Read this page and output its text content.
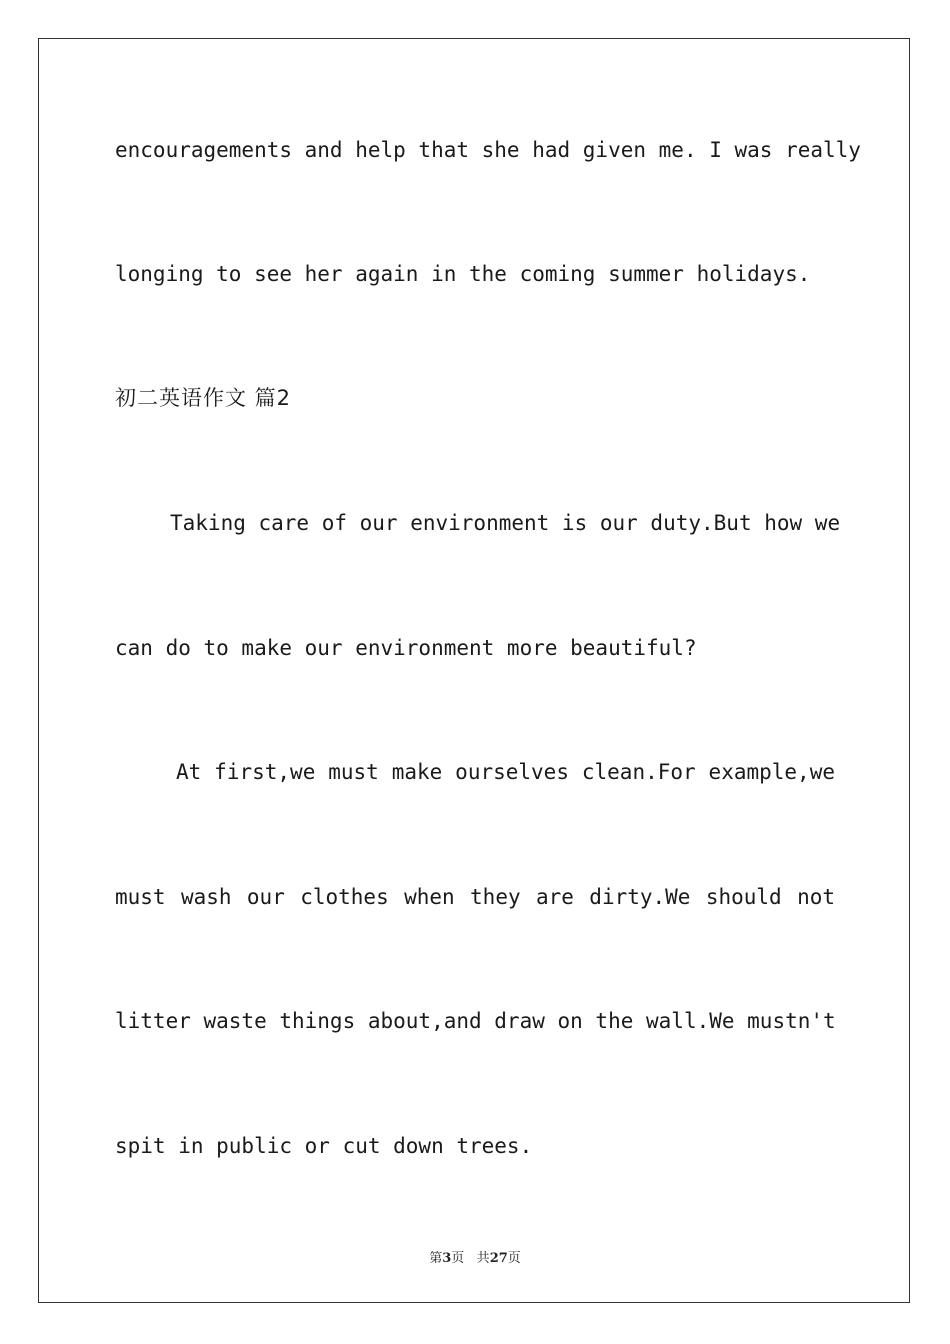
encouragements and help that she had given me. I was really
longing to see her again in the coming summer holidays.
初二英语作文 篇2
Taking care of our environment is our duty.But how we
can do to make our environment more beautiful?
At first,we must make ourselves clean.For example,we
must wash our clothes when they are dirty.We should not
litter waste things about,and draw on the wall.We mustn't
spit in public or cut down trees.
第3页 共27页
